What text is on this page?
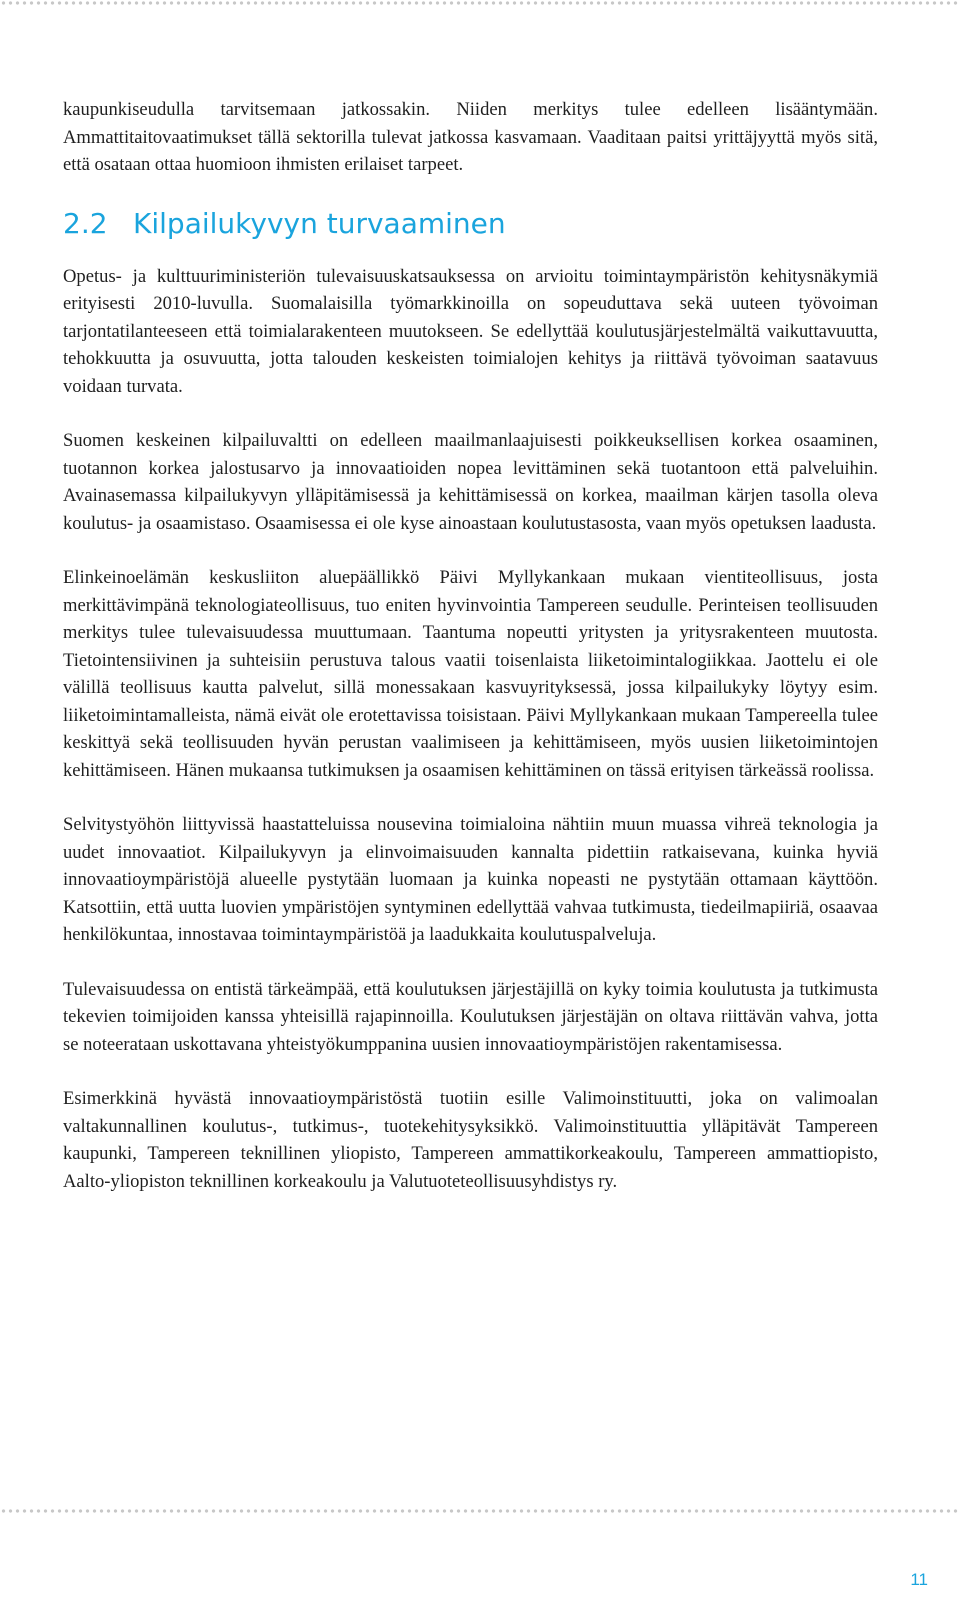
kaupunkiseudulla tarvitsemaan jatkossakin. Niiden merkitys tulee edelleen lisääntymään. Ammattitaitovaatimukset tällä sektorilla tulevat jatkossa kasvamaan. Vaaditaan paitsi yrittäjyyttä myös sitä, että osataan ottaa huomioon ihmisten erilaiset tarpeet.

2.2 Kilpailukyvyn turvaaminen

Opetus- ja kulttuuriministeriön tulevaisuuskatsauksessa on arvioitu toimintaympäristön kehitysnäkymiä erityisesti 2010-luvulla. Suomalaisilla työmarkkinoilla on sopeuduttava sekä uuteen työvoiman tarjontatilanteeseen että toimialarakenteen muutokseen. Se edellyttää koulutusjärjestelmältä vaikuttavuutta, tehokkuutta ja osuvuutta, jotta talouden keskeisten toimialojen kehitys ja riittävä työvoiman saatavuus voidaan turvata.

Suomen keskeinen kilpailuvaltti on edelleen maailmanlaajuisesti poikkeuksellisen korkea osaaminen, tuotannon korkea jalostusarvo ja innovaatioiden nopea levittäminen sekä tuotantoon että palveluihin. Avainasemassa kilpailukyvyn ylläpitämisessä ja kehittämisessä on korkea, maailman kärjen tasolla oleva koulutus- ja osaamistaso. Osaamisessa ei ole kyse ainoastaan koulutustasosta, vaan myös opetuksen laadusta.

Elinkeinoelämän keskusliiton aluepäällikkö Päivi Myllykankaan mukaan vientiteollisuus, josta merkittävimpänä teknologiateollisuus, tuo eniten hyvinvointia Tampereen seudulle. Perinteisen teollisuuden merkitys tulee tulevaisuudessa muuttumaan. Taantuma nopeutti yritysten ja yritysrakenteen muutosta. Tietointensiivinen ja suhteisiin perustuva talous vaatii toisenlaista liiketoimintalogiikkaa. Jaottelu ei ole välillä teollisuus kautta palvelut, sillä monessakaan kasvuyrityksessä, jossa kilpailukyky löytyy esim. liiketoimintamalleista, nämä eivät ole erotettavissa toisistaan. Päivi Myllykankaan mukaan Tampereella tulee keskittyä sekä teollisuuden hyvän perustan vaalimiseen ja kehittämiseen, myös uusien liiketoimintojen kehittämiseen. Hänen mukaansa tutkimuksen ja osaamisen kehittäminen on tässä erityisen tärkeässä roolissa.

Selvitystyöhön liittyvissä haastatteluissa nousevina toimialoina nähtiin muun muassa vihreä teknologia ja uudet innovaatiot. Kilpailukyvyn ja elinvoimaisuuden kannalta pidettiin ratkaisevana, kuinka hyviä innovaatioympäristöjä alueelle pystytään luomaan ja kuinka nopeasti ne pystytään ottamaan käyttöön. Katsottiin, että uutta luovien ympäristöjen syntyminen edellyttää vahvaa tutkimusta, tiedeilmapiiriä, osaavaa henkilökuntaa, innostavaa toimintaympäristöä ja laadukkaita koulutuspalveluja.

Tulevaisuudessa on entistä tärkeämpää, että koulutuksen järjestäjillä on kyky toimia koulutusta ja tutkimusta tekevien toimijoiden kanssa yhteisillä rajapinnoilla. Koulutuksen järjestäjän on oltava riittävän vahva, jotta se noteerataan uskottavana yhteistyökumppanina uusien innovaatioympäristöjen rakentamisessa.

Esimerkkinä hyvästä innovaatioympäristöstä tuotiin esille Valimoinstituutti, joka on valimoalan valtakunnallinen koulutus-, tutkimus-, tuotekehitysyksikkö. Valimoinstituuttia ylläpitävät Tampereen kaupunki, Tampereen teknillinen yliopisto, Tampereen ammattikorkeakoulu, Tampereen ammattiopisto, Aalto-yliopiston teknillinen korkeakoulu ja Valutuoteteollisuusyhdistys ry.

11
